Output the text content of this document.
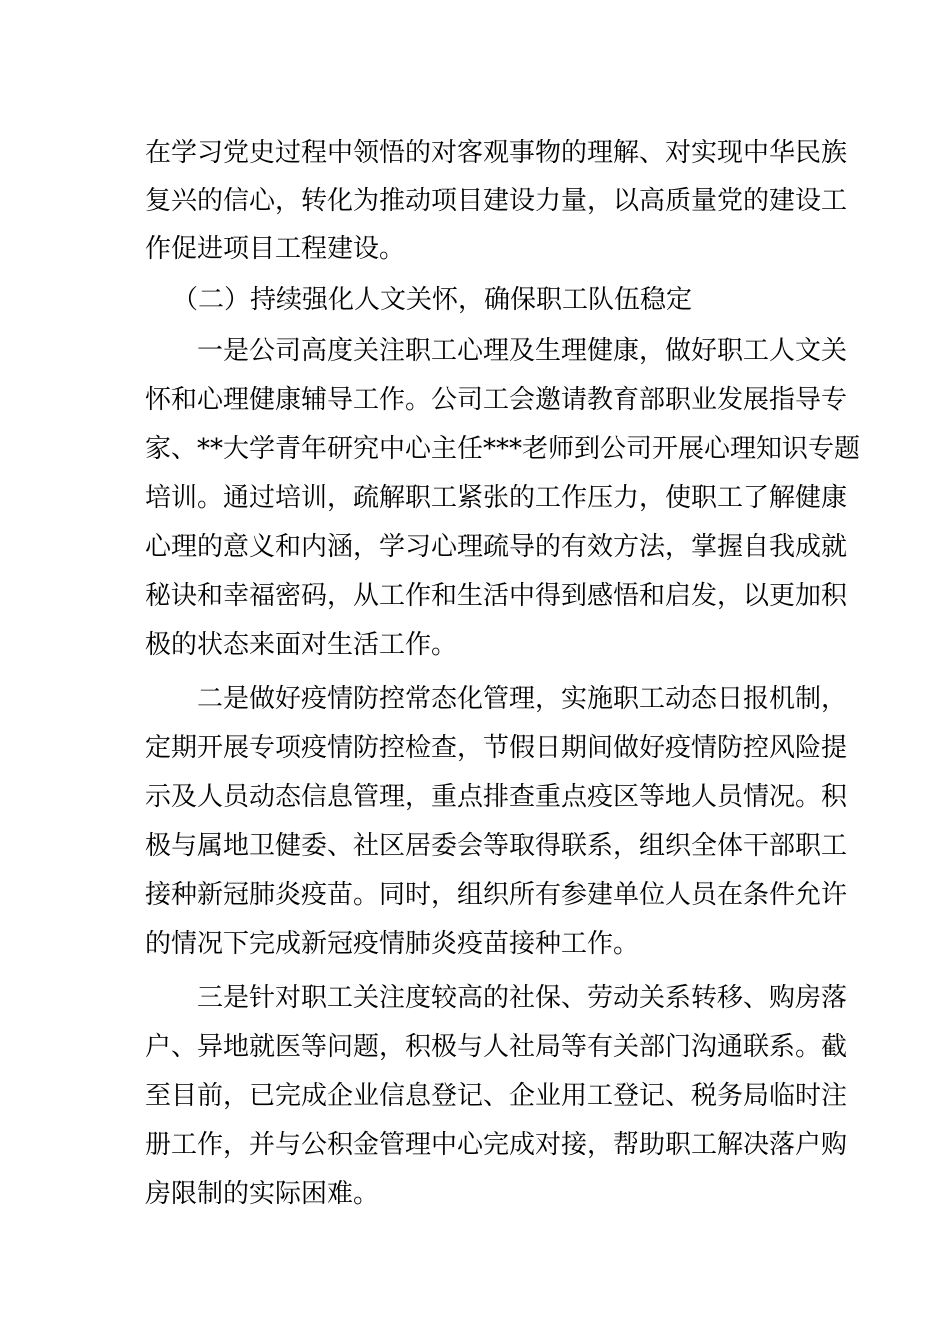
在学习党史过程中领悟的对客观事物的理解、对实现中华民族
复兴的信心，转化为推动项目建设力量，以高质量党的建设工
作促进项目工程建设。
（二）持续强化人文关怀，确保职工队伍稳定
一是公司高度关注职工心理及生理健康，做好职工人文关
怀和心理健康辅导工作。公司工会邀请教育部职业发展指导专
家、**大学青年研究中心主任***老师到公司开展心理知识专题
培训。通过培训，疏解职工紧张的工作压力，使职工了解健康
心理的意义和内涵，学习心理疏导的有效方法，掌握自我成就
秘诀和幸福密码，从工作和生活中得到感悟和启发，以更加积
极的状态来面对生活工作。
二是做好疫情防控常态化管理，实施职工动态日报机制，
定期开展专项疫情防控检查，节假日期间做好疫情防控风险提
示及人员动态信息管理，重点排查重点疫区等地人员情况。积
极与属地卫健委、社区居委会等取得联系，组织全体干部职工
接种新冠肺炎疫苗。同时，组织所有参建单位人员在条件允许
的情况下完成新冠疫情肺炎疫苗接种工作。
三是针对职工关注度较高的社保、劳动关系转移、购房落
户、异地就医等问题，积极与人社局等有关部门沟通联系。截
至目前，已完成企业信息登记、企业用工登记、税务局临时注
册工作，并与公积金管理中心完成对接，帮助职工解决落户购
房限制的实际困难。
